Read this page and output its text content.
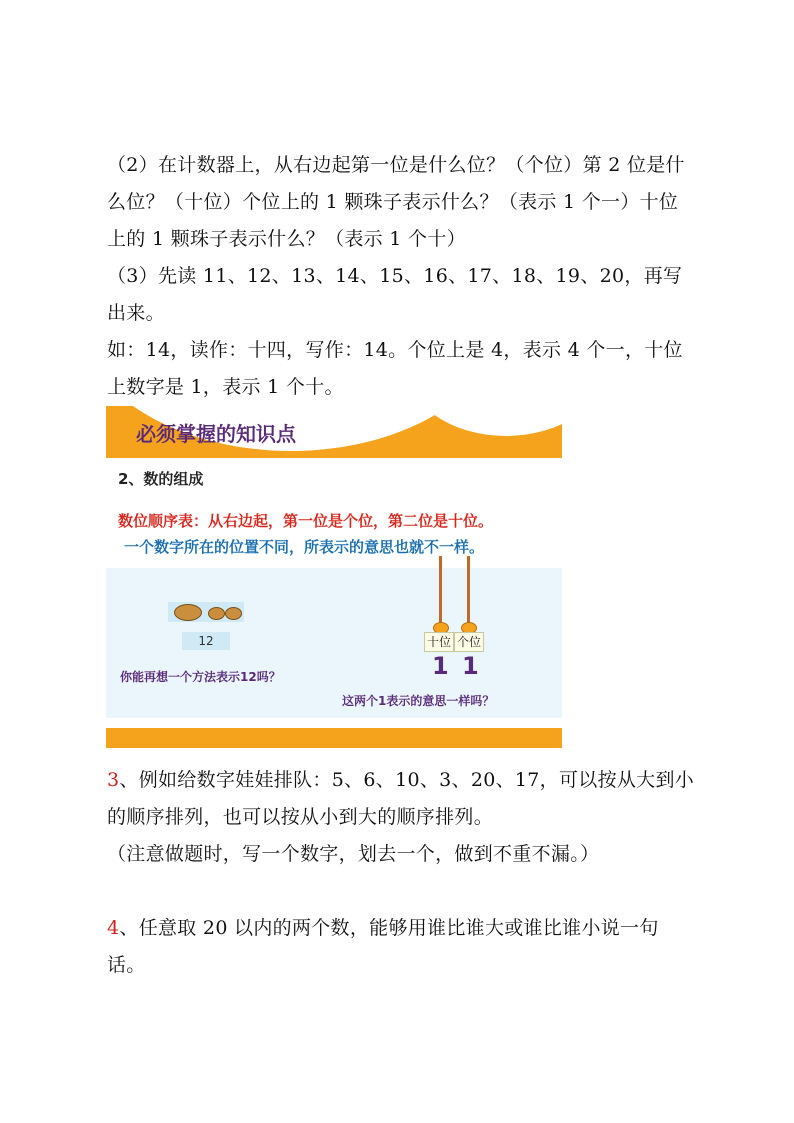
（2）在计数器上，从右边起第一位是什么位？（个位）第 2 位是什么位？（十位）个位上的 1 颗珠子表示什么？（表示 1 个一）十位上的 1 颗珠子表示什么？（表示 1 个十）

（3）先读 11、12、13、14、15、16、17、18、19、20，再写出来。

如：14，读作：十四，写作：14。个位上是 4，表示 4 个一，十位上数字是 1，表示 1 个十。

必须掌握的知识点
2、数的组成
数位顺序表：从右边起，第一位是个位，第二位是十位。
一个数字所在的位置不同，所表示的意思也就不一样。
12
你能再想一个方法表示12吗？
十位 个位
1 1
这两个1表示的意思一样吗？

3、例如给数字娃娃排队：5、6、10、3、20、17，可以按从大到小的顺序排列，也可以按从小到大的顺序排列。

（注意做题时，写一个数字，划去一个，做到不重不漏。）

4、任意取 20 以内的两个数，能够用谁比谁大或谁比谁小说一句话。
